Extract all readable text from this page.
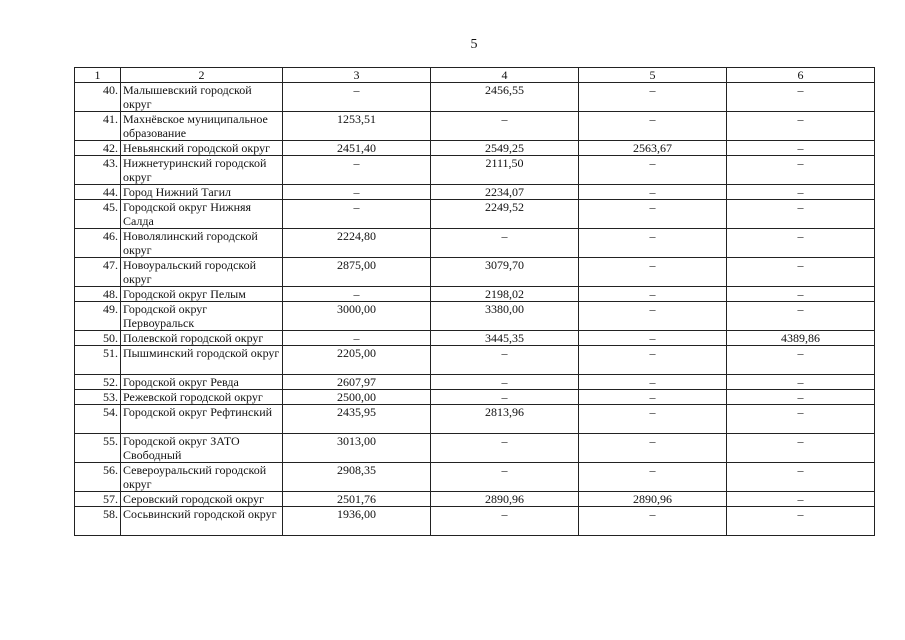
5
1	2	3	4	5	6
40.	Малышевский городской округ	–	2456,55	–	–
41.	Махнёвское муниципальное образование	1253,51	–	–	–
42.	Невьянский городской округ	2451,40	2549,25	2563,67	–
43.	Нижнетуринский городской округ	–	2111,50	–	–
44.	Город Нижний Тагил	–	2234,07	–	–
45.	Городской округ Нижняя Салда	–	2249,52	–	–
46.	Новолялинский городской округ	2224,80	–	–	–
47.	Новоуральский городской округ	2875,00	3079,70	–	–
48.	Городской округ Пелым	–	2198,02	–	–
49.	Городской округ Первоуральск	3000,00	3380,00	–	–
50.	Полевской городской округ	–	3445,35	–	4389,86
51.	Пышминский городской округ	2205,00	–	–	–
52.	Городской округ Ревда	2607,97	–	–	–
53.	Режевской городской округ	2500,00	–	–	–
54.	Городской округ Рефтинский	2435,95	2813,96	–	–
55.	Городской округ ЗАТО Свободный	3013,00	–	–	–
56.	Североуральский городской округ	2908,35	–	–	–
57.	Серовский городской округ	2501,76	2890,96	2890,96	–
58.	Сосьвинский городской округ	1936,00	–	–	–
